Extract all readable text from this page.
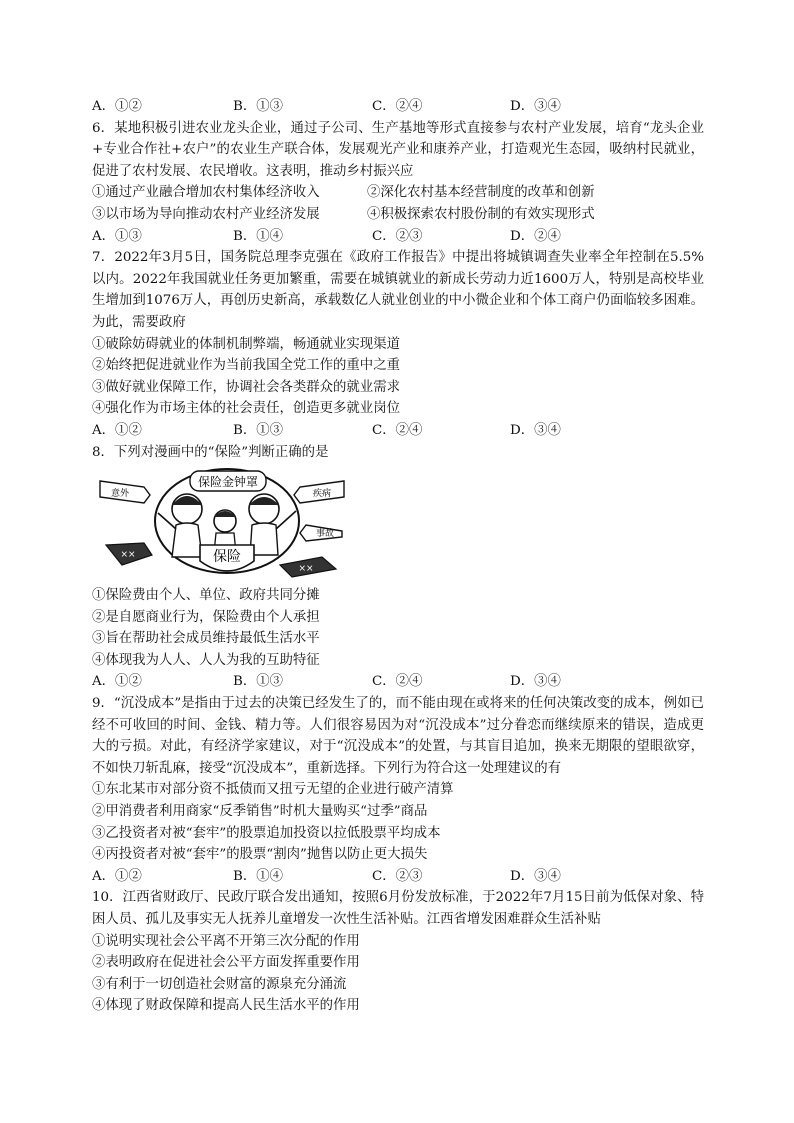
A．①②	B．①③	C．②④	D．③④
6．某地积极引进农业龙头企业，通过子公司、生产基地等形式直接参与农村产业发展，培育“龙头企业+专业合作社+农户”的农业生产联合体，发展观光产业和康养产业，打造观光生态园，吸纳村民就业，促进了农村发展、农民增收。这表明，推动乡村振兴应
①通过产业融合增加农村集体经济收入	②深化农村基本经营制度的改革和创新
③以市场为导向推动农村产业经济发展	④积极探索农村股份制的有效实现形式
A．①③	B．①④	C．②③	D．②④
7．2022年3月5日，国务院总理李克强在《政府工作报告》中提出将城镇调查失业率全年控制在5.5%以内。2022年我国就业任务更加繁重，需要在城镇就业的新成长劳动力近1600万人，特别是高校毕业生增加到1076万人，再创历史新高，承载数亿人就业创业的中小微企业和个体工商户仍面临较多困难。为此，需要政府
①破除妨碍就业的体制机制弊端，畅通就业实现渠道
②始终把促进就业作为当前我国全党工作的重中之重
③做好就业保障工作，协调社会各类群众的就业需求
④强化作为市场主体的社会责任，创造更多就业岗位
A．①②	B．①③	C．②④	D．③④
8．下列对漫画中的“保险”判断正确的是
保险金钟罩
保险
意外	疾病
事故
××
××
①保险费由个人、单位、政府共同分摊
②是自愿商业行为，保险费由个人承担
③旨在帮助社会成员维持最低生活水平
④体现我为人人、人人为我的互助特征
A．①②	B．①③	C．②④	D．③④
9．“沉没成本”是指由于过去的决策已经发生了的，而不能由现在或将来的任何决策改变的成本，例如已经不可收回的时间、金钱、精力等。人们很容易因为对“沉没成本”过分眷恋而继续原来的错误，造成更大的亏损。对此，有经济学家建议，对于“沉没成本”的处置，与其盲目追加，换来无期限的望眼欲穿，不如快刀斩乱麻，接受“沉没成本”，重新选择。下列行为符合这一处理建议的有
①东北某市对部分资不抵债而又扭亏无望的企业进行破产清算
②甲消费者利用商家“反季销售”时机大量购买“过季”商品
③乙投资者对被“套牢”的股票追加投资以拉低股票平均成本
④丙投资者对被“套牢”的股票“割肉”抛售以防止更大损失
A．①②	B．①④	C．②③	D．③④
10．江西省财政厅、民政厅联合发出通知，按照6月份发放标准，于2022年7月15日前为低保对象、特困人员、孤儿及事实无人抚养儿童增发一次性生活补贴。江西省增发困难群众生活补贴
①说明实现社会公平离不开第三次分配的作用
②表明政府在促进社会公平方面发挥重要作用
③有利于一切创造社会财富的源泉充分涌流
④体现了财政保障和提高人民生活水平的作用
